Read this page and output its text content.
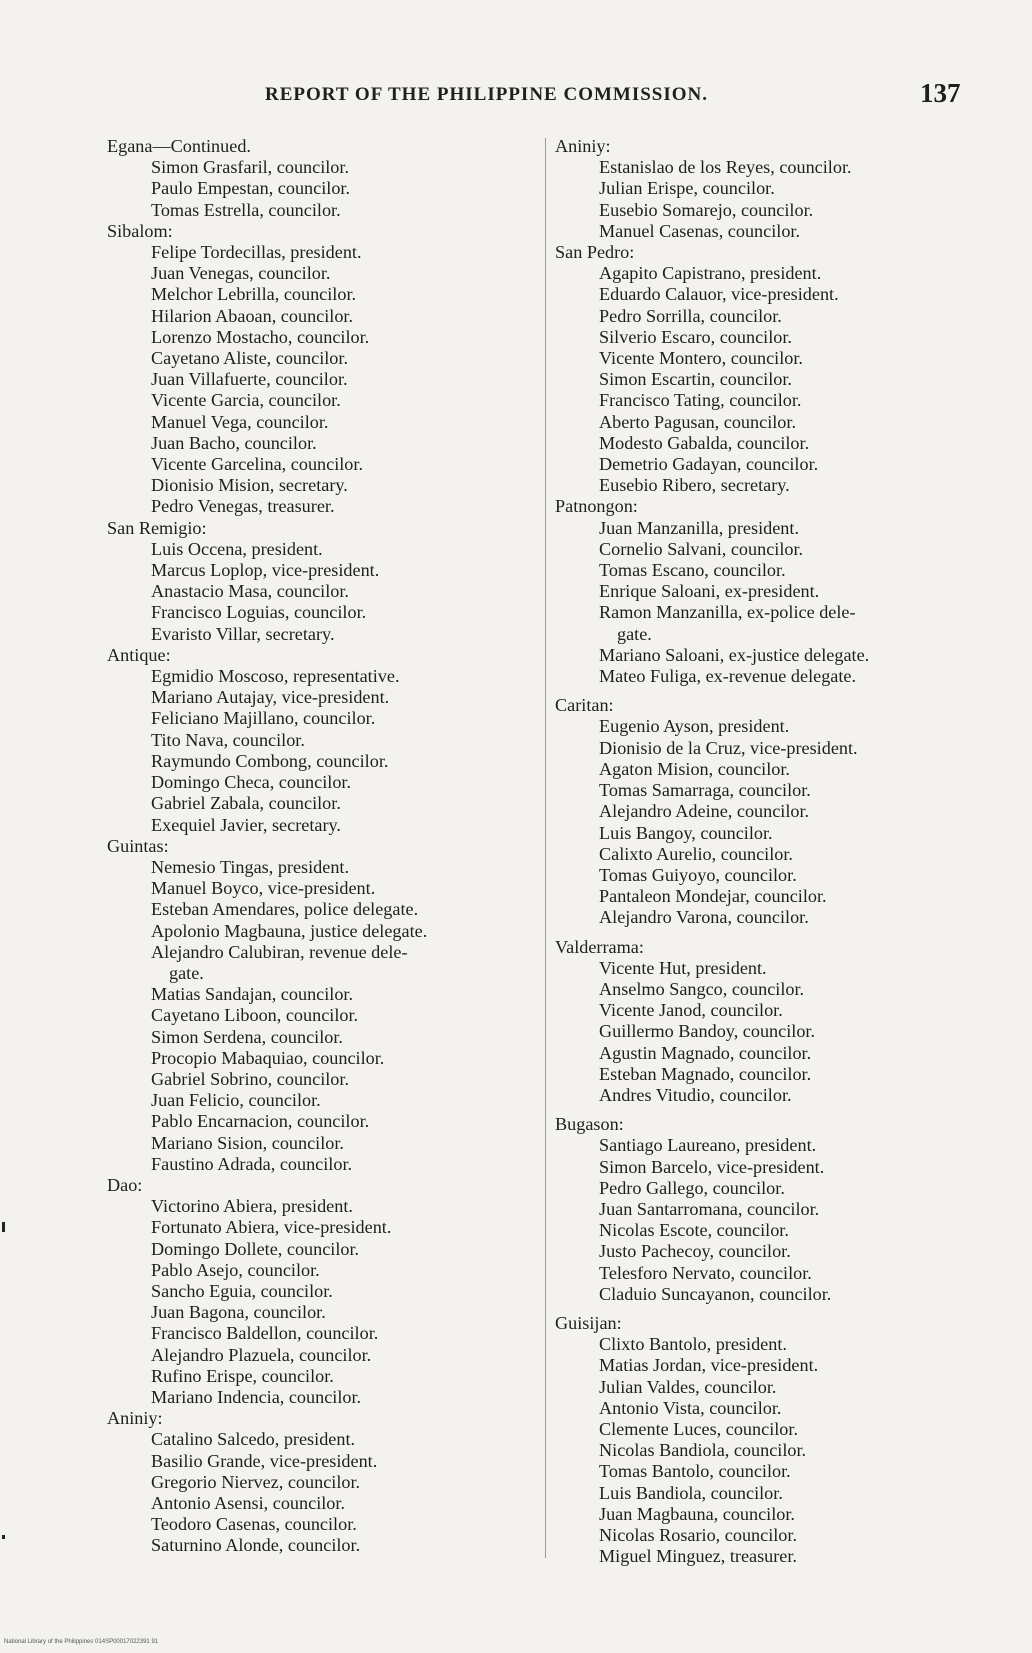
REPORT OF THE PHILIPPINE COMMISSION.	137
Egana—Continued.
Simon Grasfaril, councilor.
Paulo Empestan, councilor.
Tomas Estrella, councilor.
Sibalom:
Felipe Tordecillas, president.
Juan Venegas, councilor.
Melchor Lebrilla, councilor.
Hilarion Abaoan, councilor.
Lorenzo Mostacho, councilor.
Cayetano Aliste, councilor.
Juan Villafuerte, councilor.
Vicente Garcia, councilor.
Manuel Vega, councilor.
Juan Bacho, councilor.
Vicente Garcelina, councilor.
Dionisio Mision, secretary.
Pedro Venegas, treasurer.
San Remigio:
Luis Occena, president.
Marcus Loplop, vice-president.
Anastacio Masa, councilor.
Francisco Loguias, councilor.
Evaristo Villar, secretary.
Antique:
Egmidio Moscoso, representative.
Mariano Autajay, vice-president.
Feliciano Majillano, councilor.
Tito Nava, councilor.
Raymundo Combong, councilor.
Domingo Checa, councilor.
Gabriel Zabala, councilor.
Exequiel Javier, secretary.
Guintas:
Nemesio Tingas, president.
Manuel Boyco, vice-president.
Esteban Amendares, police delegate.
Apolonio Magbauna, justice delegate.
Alejandro Calubiran, revenue dele-
gate.
Matias Sandajan, councilor.
Cayetano Liboon, councilor.
Simon Serdena, councilor.
Procopio Mabaquiao, councilor.
Gabriel Sobrino, councilor.
Juan Felicio, councilor.
Pablo Encarnacion, councilor.
Mariano Sision, councilor.
Faustino Adrada, councilor.
Dao:
Victorino Abiera, president.
Fortunato Abiera, vice-president.
Domingo Dollete, councilor.
Pablo Asejo, councilor.
Sancho Eguia, councilor.
Juan Bagona, councilor.
Francisco Baldellon, councilor.
Alejandro Plazuela, councilor.
Rufino Erispe, councilor.
Mariano Indencia, councilor.
Aniniy:
Catalino Salcedo, president.
Basilio Grande, vice-president.
Gregorio Niervez, councilor.
Antonio Asensi, councilor.
Teodoro Casenas, councilor.
Saturnino Alonde, councilor.
Aniniy:
Estanislao de los Reyes, councilor.
Julian Erispe, councilor.
Eusebio Somarejo, councilor.
Manuel Casenas, councilor.
San Pedro:
Agapito Capistrano, president.
Eduardo Calauor, vice-president.
Pedro Sorrilla, councilor.
Silverio Escaro, councilor.
Vicente Montero, councilor.
Simon Escartin, councilor.
Francisco Tating, councilor.
Aberto Pagusan, councilor.
Modesto Gabalda, councilor.
Demetrio Gadayan, councilor.
Eusebio Ribero, secretary.
Patnongon:
Juan Manzanilla, president.
Cornelio Salvani, councilor.
Tomas Escano, councilor.
Enrique Saloani, ex-president.
Ramon Manzanilla, ex-police dele-
gate.
Mariano Saloani, ex-justice delegate.
Mateo Fuliga, ex-revenue delegate.
Caritan:
Eugenio Ayson, president.
Dionisio de la Cruz, vice-president.
Agaton Mision, councilor.
Tomas Samarraga, councilor.
Alejandro Adeine, councilor.
Luis Bangoy, councilor.
Calixto Aurelio, councilor.
Tomas Guiyoyo, councilor.
Pantaleon Mondejar, councilor.
Alejandro Varona, councilor.
Valderrama:
Vicente Hut, president.
Anselmo Sangco, councilor.
Vicente Janod, councilor.
Guillermo Bandoy, councilor.
Agustin Magnado, councilor.
Esteban Magnado, councilor.
Andres Vitudio, councilor.
Bugason:
Santiago Laureano, president.
Simon Barcelo, vice-president.
Pedro Gallego, councilor.
Juan Santarromana, councilor.
Nicolas Escote, councilor.
Justo Pachecoy, councilor.
Telesforo Nervato, councilor.
Claduio Suncayanon, councilor.
Guisijan:
Clixto Bantolo, president.
Matias Jordan, vice-president.
Julian Valdes, councilor.
Antonio Vista, councilor.
Clemente Luces, councilor.
Nicolas Bandiola, councilor.
Tomas Bantolo, councilor.
Luis Bandiola, councilor.
Juan Magbauna, councilor.
Nicolas Rosario, councilor.
Miguel Minguez, treasurer.
National Library of the Philippines 014SP00017022391 91
